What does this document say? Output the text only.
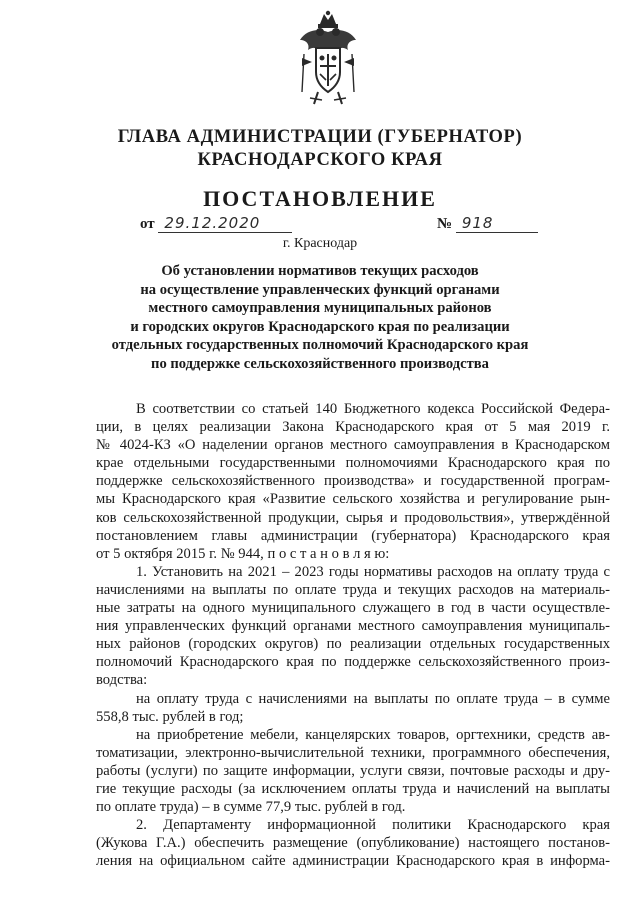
ГЛАВА АДМИНИСТРАЦИИ (ГУБЕРНАТОР)
КРАСНОДАРСКОГО КРАЯ
ПОСТАНОВЛЕНИЕ
от 29.12.2020	№ 918
г. Краснодар
Об установлении нормативов текущих расходов
на осуществление управленческих функций органами
местного самоуправления муниципальных районов
и городских округов Краснодарского края по реализации
отдельных государственных полномочий Краснодарского края
по поддержке сельскохозяйственного производства
В соответствии со статьей 140 Бюджетного кодекса Российской Федера-
ции, в целях реализации Закона Краснодарского края от 5 мая 2019 г.
№ 4024-КЗ «О наделении органов местного самоуправления в Краснодарском
крае отдельными государственными полномочиями Краснодарского края по
поддержке сельскохозяйственного производства» и государственной програм-
мы Краснодарского края «Развитие сельского хозяйства и регулирование рын-
ков сельскохозяйственной продукции, сырья и продовольствия», утверждённой
постановлением главы администрации (губернатора) Краснодарского края
от 5 октября 2015 г. № 944, п о с т а н о в л я ю:
1. Установить на 2021 – 2023 годы нормативы расходов на оплату труда с
начислениями на выплаты по оплате труда и текущих расходов на материаль-
ные затраты на одного муниципального служащего в год в части осуществле-
ния управленческих функций органами местного самоуправления муниципаль-
ных районов (городских округов) по реализации отдельных государственных
полномочий Краснодарского края по поддержке сельскохозяйственного произ-
водства:
на оплату труда с начислениями на выплаты по оплате труда – в сумме
558,8 тыс. рублей в год;
на приобретение мебели, канцелярских товаров, оргтехники, средств ав-
томатизации, электронно-вычислительной техники, программного обеспечения,
работы (услуги) по защите информации, услуги связи, почтовые расходы и дру-
гие текущие расходы (за исключением оплаты труда и начислений на выплаты
по оплате труда) – в сумме 77,9 тыс. рублей в год.
2. Департаменту информационной политики Краснодарского края
(Жукова Г.А.) обеспечить размещение (опубликование) настоящего постанов-
ления на официальном сайте администрации Краснодарского края в информа-
